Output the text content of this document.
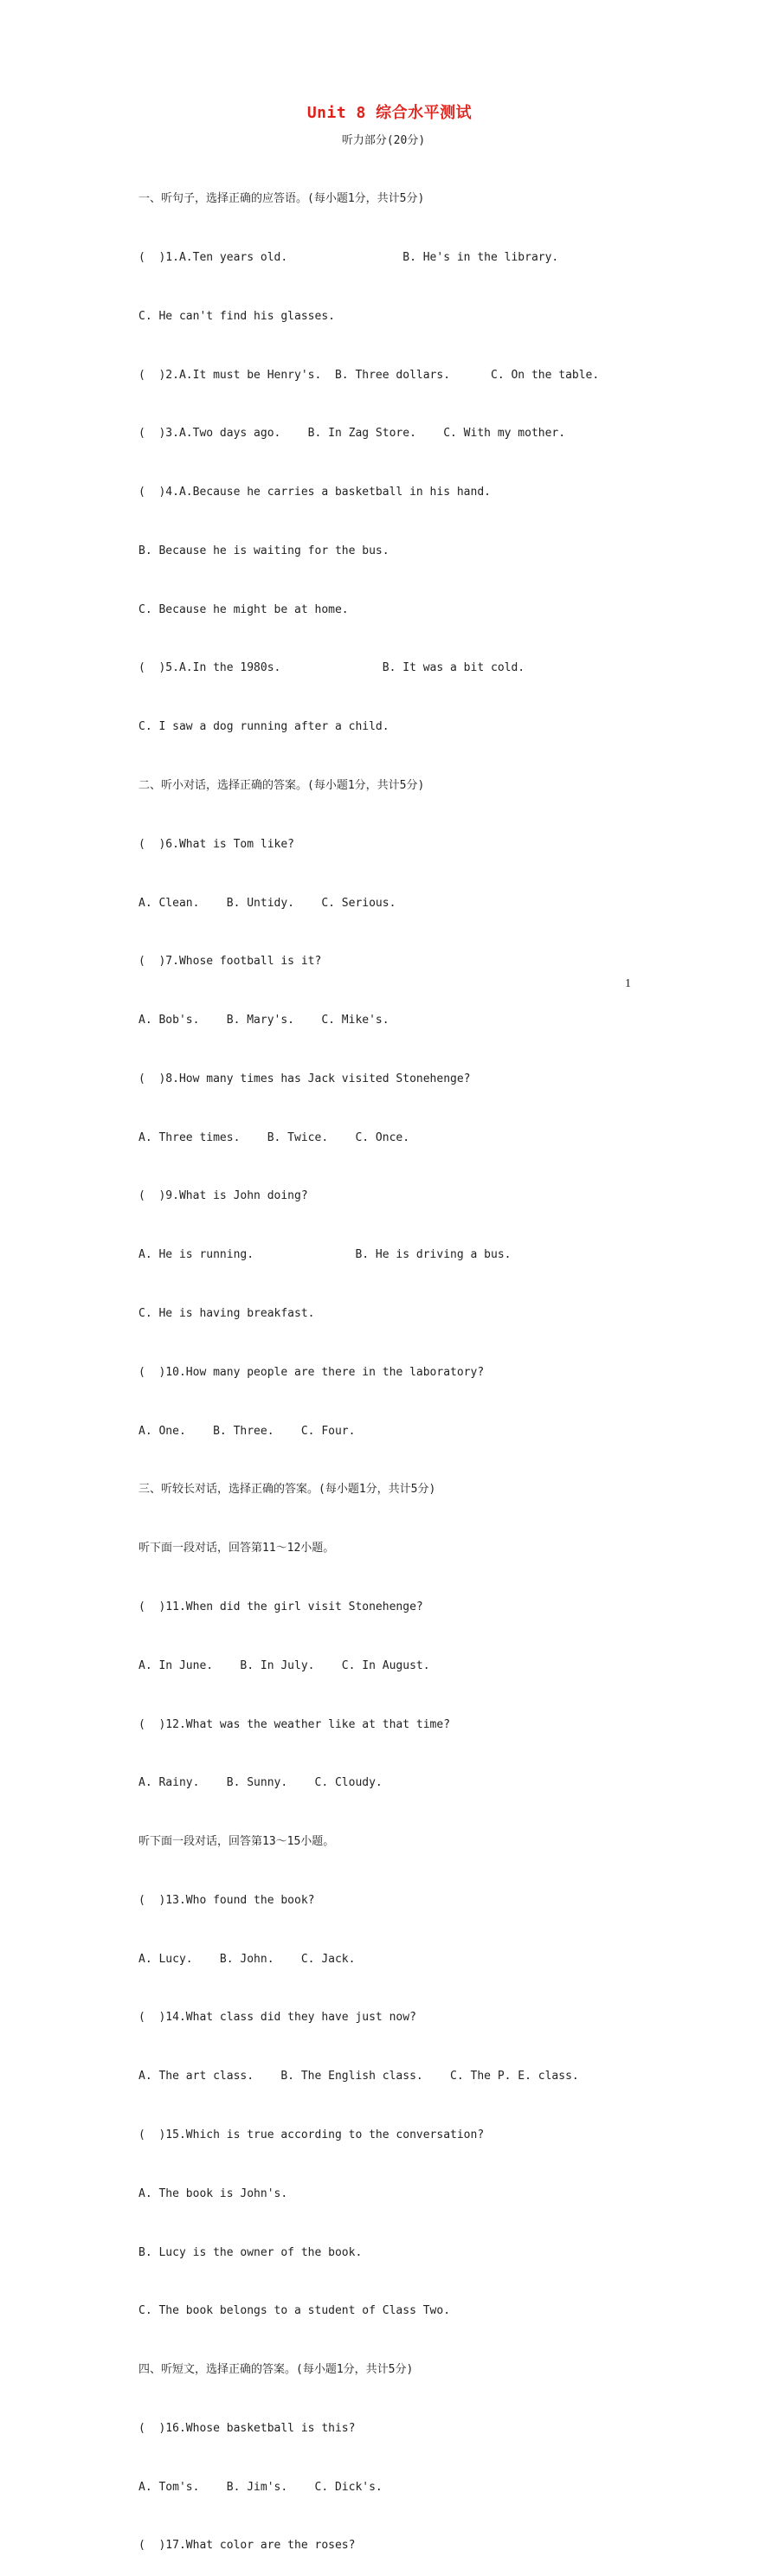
Unit 8 综合水平测试
听力部分(20分)

一、听句子，选择正确的应答语。(每小题1分，共计5分)

(  )1.A.Ten years old.                 B. He's in the library.

C. He can't find his glasses.

(  )2.A.It must be Henry's.  B. Three dollars.      C. On the table.

(  )3.A.Two days ago.    B. In Zag Store.    C. With my mother.

(  )4.A.Because he carries a basketball in his hand.

B. Because he is waiting for the bus.

C. Because he might be at home.

(  )5.A.In the 1980s.               B. It was a bit cold.

C. I saw a dog running after a child.

二、听小对话，选择正确的答案。(每小题1分，共计5分)

(  )6.What is Tom like?

A. Clean.    B. Untidy.    C. Serious.

(  )7.Whose football is it?

A. Bob's.    B. Mary's.    C. Mike's.

(  )8.How many times has Jack visited Stonehenge?

A. Three times.    B. Twice.    C. Once.

(  )9.What is John doing?

A. He is running.               B. He is driving a bus.

C. He is having breakfast.

(  )10.How many people are there in the laboratory?

A. One.    B. Three.    C. Four.

三、听较长对话，选择正确的答案。(每小题1分，共计5分)

听下面一段对话，回答第11～12小题。

(  )11.When did the girl visit Stonehenge?

A. In June.    B. In July.    C. In August.

(  )12.What was the weather like at that time?

A. Rainy.    B. Sunny.    C. Cloudy.

听下面一段对话，回答第13～15小题。

(  )13.Who found the book?

A. Lucy.    B. John.    C. Jack.

(  )14.What class did they have just now?

A. The art class.    B. The English class.    C. The P. E. class.

(  )15.Which is true according to the conversation?

A. The book is John's.

B. Lucy is the owner of the book.

C. The book belongs to a student of Class Two.

四、听短文，选择正确的答案。(每小题1分，共计5分)

(  )16.Whose basketball is this?

A. Tom's.    B. Jim's.    C. Dick's.

(  )17.What color are the roses?

1
